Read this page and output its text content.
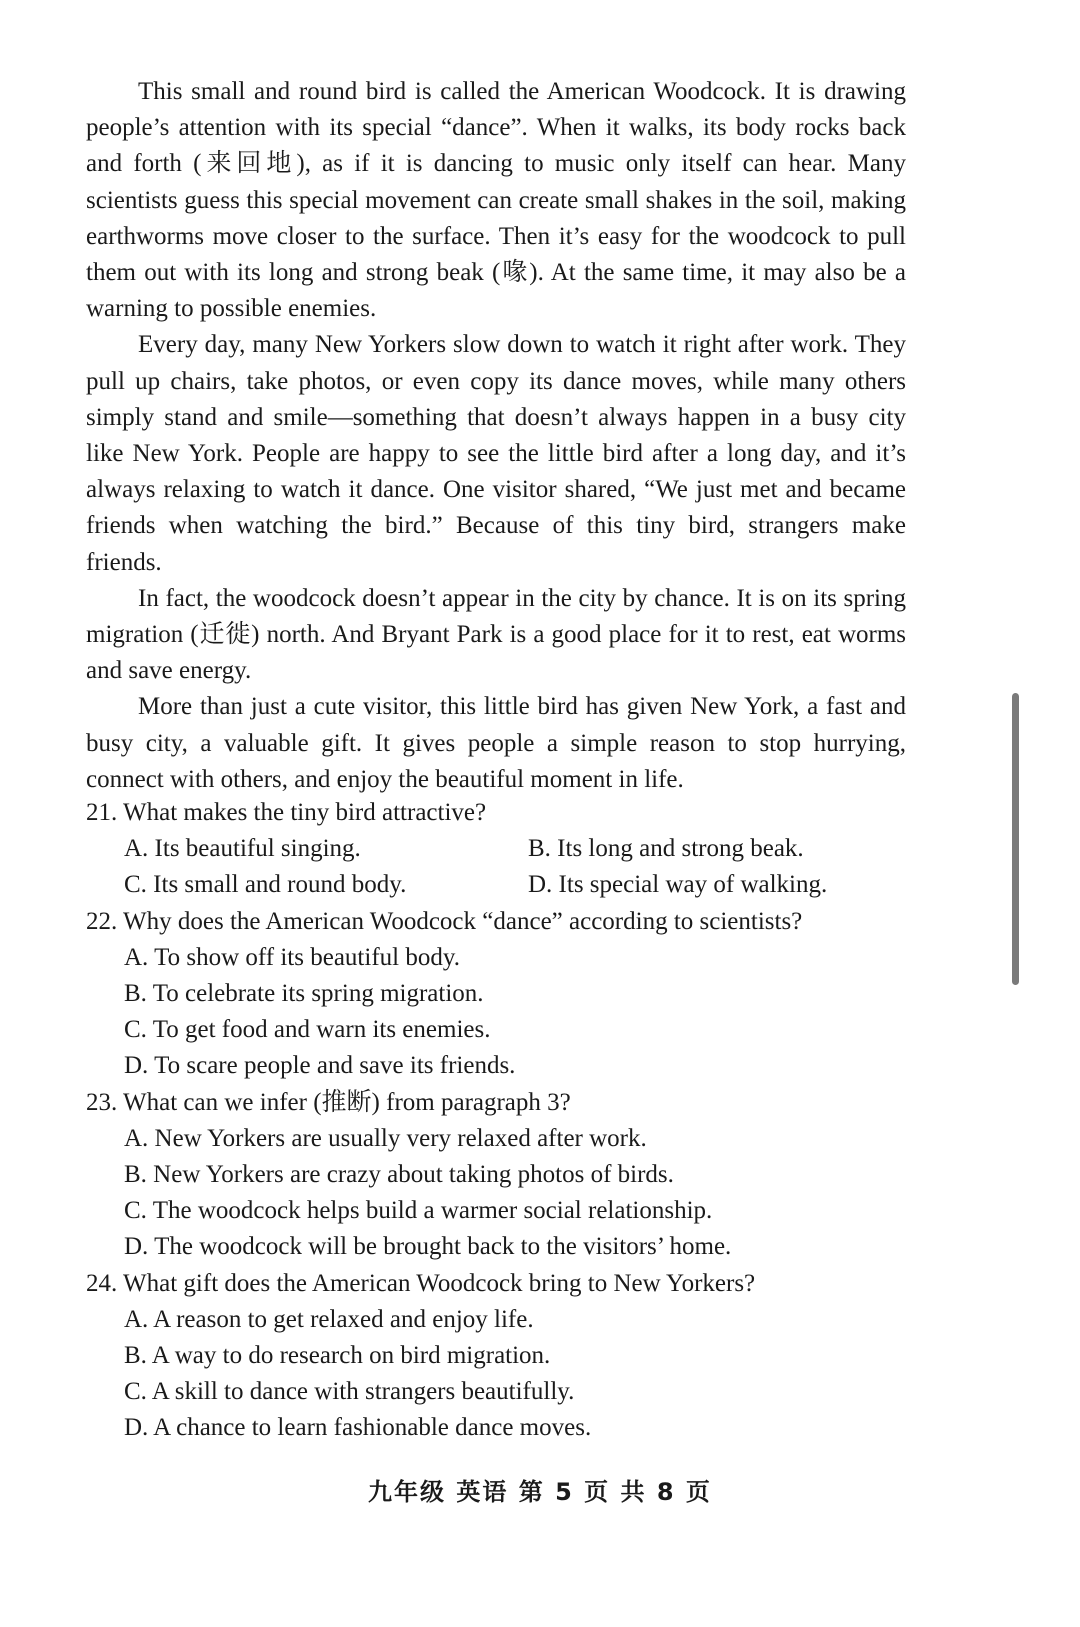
This small and round bird is called the American Woodcock. It is drawing people’s attention with its special “dance”. When it walks, its body rocks back and forth (来回地), as if it is dancing to music only itself can hear. Many scientists guess this special movement can create small shakes in the soil, making earthworms move closer to the surface. Then it’s easy for the woodcock to pull them out with its long and strong beak (喙). At the same time, it may also be a warning to possible enemies.

Every day, many New Yorkers slow down to watch it right after work. They pull up chairs, take photos, or even copy its dance moves, while many others simply stand and smile—something that doesn’t always happen in a busy city like New York. People are happy to see the little bird after a long day, and it’s always relaxing to watch it dance. One visitor shared, “We just met and became friends when watching the bird.” Because of this tiny bird, strangers make friends.

In fact, the woodcock doesn’t appear in the city by chance. It is on its spring migration (迁徙) north. And Bryant Park is a good place for it to rest, eat worms and save energy.

More than just a cute visitor, this little bird has given New York, a fast and busy city, a valuable gift. It gives people a simple reason to stop hurrying, connect with others, and enjoy the beautiful moment in life.

21. What makes the tiny bird attractive?
A. Its beautiful singing.	B. Its long and strong beak.
C. Its small and round body.	D. Its special way of walking.
22. Why does the American Woodcock “dance” according to scientists?
A. To show off its beautiful body.
B. To celebrate its spring migration.
C. To get food and warn its enemies.
D. To scare people and save its friends.
23. What can we infer (推断) from paragraph 3?
A. New Yorkers are usually very relaxed after work.
B. New Yorkers are crazy about taking photos of birds.
C. The woodcock helps build a warmer social relationship.
D. The woodcock will be brought back to the visitors’ home.
24. What gift does the American Woodcock bring to New Yorkers?
A. A reason to get relaxed and enjoy life.
B. A way to do research on bird migration.
C. A skill to dance with strangers beautifully.
D. A chance to learn fashionable dance moves.
九年级 英语 第 5 页 共 8 页
